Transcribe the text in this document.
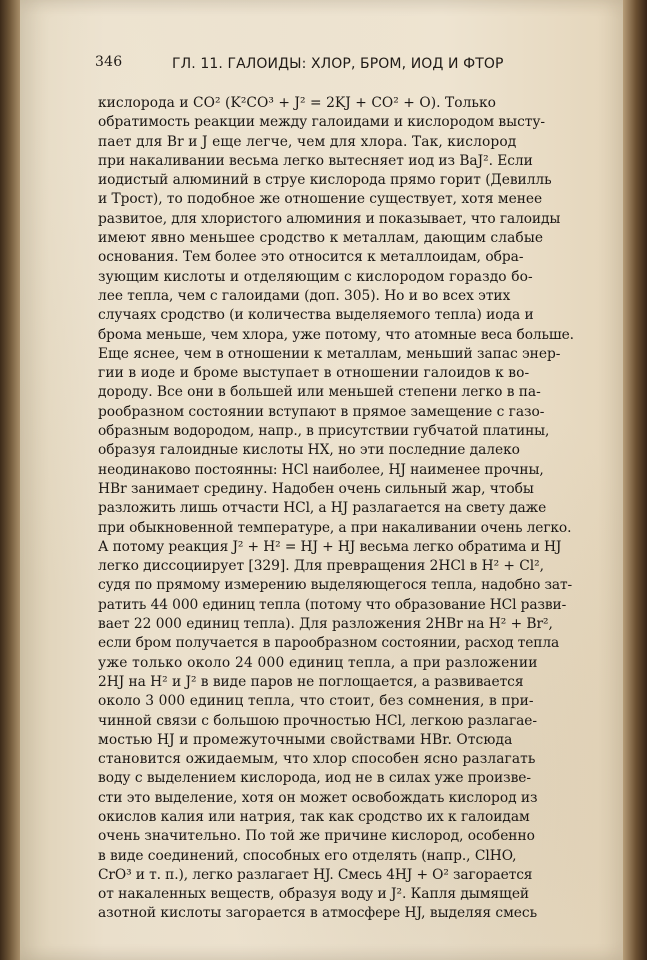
346	ГЛ. 11. ГАЛОИДЫ: ХЛОР, БРОМ, ИОД И ФТОР
кислорода и CO² (K²CO³ + J² = 2KJ + CO² + O). Только
обратимость реакции между галоидами и кислородом высту-
пает для Br и J еще легче, чем для хлора. Так, кислород
при накаливании весьма легко вытесняет иод из BaJ². Если
иодистый алюминий в струе кислорода прямо горит (Девилль
и Трост), то подобное же отношение существует, хотя менее
развитое, для хлористого алюминия и показывает, что галоиды
имеют явно меньшее сродство к металлам, дающим слабые
основания. Тем более это относится к металлоидам, обра-
зующим кислоты и отделяющим с кислородом гораздо бо-
лее тепла, чем с галоидами (доп. 305). Но и во всех этих
случаях сродство (и количества выделяемого тепла) иода и
брома меньше, чем хлора, уже потому, что атомные веса больше.
Еще яснее, чем в отношении к металлам, меньший запас энер-
гии в иоде и броме выступает в отношении галоидов к во-
дороду. Все они в большей или меньшей степени легко в па-
рообразном состоянии вступают в прямое замещение с газо-
образным водородом, напр., в присутствии губчатой платины,
образуя галоидные кислоты HX, но эти последние далеко
неодинаково постоянны: HCl наиболее, HJ наименее прочны,
HBr занимает средину. Надобен очень сильный жар, чтобы
разложить лишь отчасти HCl, а HJ разлагается на свету даже
при обыкновенной температуре, а при накаливании очень легко.
А потому реакция J² + H² = HJ + HJ весьма легко обратима и HJ
легко диссоциирует [329]. Для превращения 2HCl в H² + Cl²,
судя по прямому измерению выделяющегося тепла, надобно зат-
ратить 44 000 единиц тепла (потому что образование HCl разви-
вает 22 000 единиц тепла). Для разложения 2HBr на H² + Br²,
если бром получается в парообразном состоянии, расход тепла
уже только около 24 000 единиц тепла, а при разложении
2HJ на H² и J² в виде паров не поглощается, а развивается
около 3 000 единиц тепла, что стоит, без сомнения, в при-
чинной связи с большою прочностью HCl, легкою разлагае-
мостью HJ и промежуточными свойствами HBr. Отсюда
становится ожидаемым, что хлор способен ясно разлагать
воду с выделением кислорода, иод не в силах уже произве-
сти это выделение, хотя он может освобождать кислород из
окислов калия или натрия, так как сродство их к галоидам
очень значительно. По той же причине кислород, особенно
в виде соединений, способных его отделять (напр., ClHO,
CrO³ и т. п.), легко разлагает HJ. Смесь 4HJ + O² загорается
от накаленных веществ, образуя воду и J². Капля дымящей
азотной кислоты загорается в атмосфере HJ, выделяя смесь
